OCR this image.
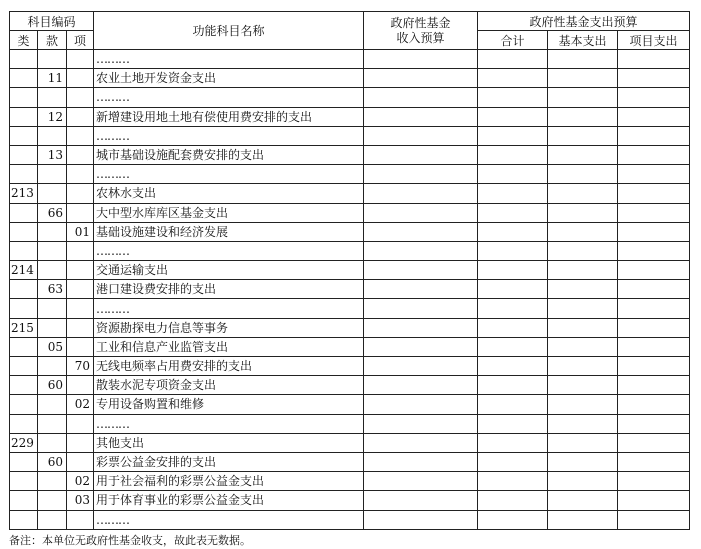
科目编码			功能科目名称	政府性基金
收入预算	政府性基金支出预算		
类	款	项			合计	基本支出	项目支出
			………				
	11		农业土地开发资金支出				
			………				
	12		新增建设用地土地有偿使用费安排的支出				
			………				
	13		城市基础设施配套费安排的支出				
			………				
213			农林水支出				
	66		大中型水库库区基金支出				
		01	基础设施建设和经济发展				
			………				
214			交通运输支出				
	63		港口建设费安排的支出				
			………				
215			资源勘探电力信息等事务				
	05		工业和信息产业监管支出				
		70	无线电频率占用费安排的支出				
	60		散装水泥专项资金支出				
		02	专用设备购置和维修				
			………				
229			其他支出				
	60		彩票公益金安排的支出				
		02	用于社会福利的彩票公益金支出				
		03	用于体育事业的彩票公益金支出				
			………				
备注：本单位无政府性基金收支，故此表无数据。
